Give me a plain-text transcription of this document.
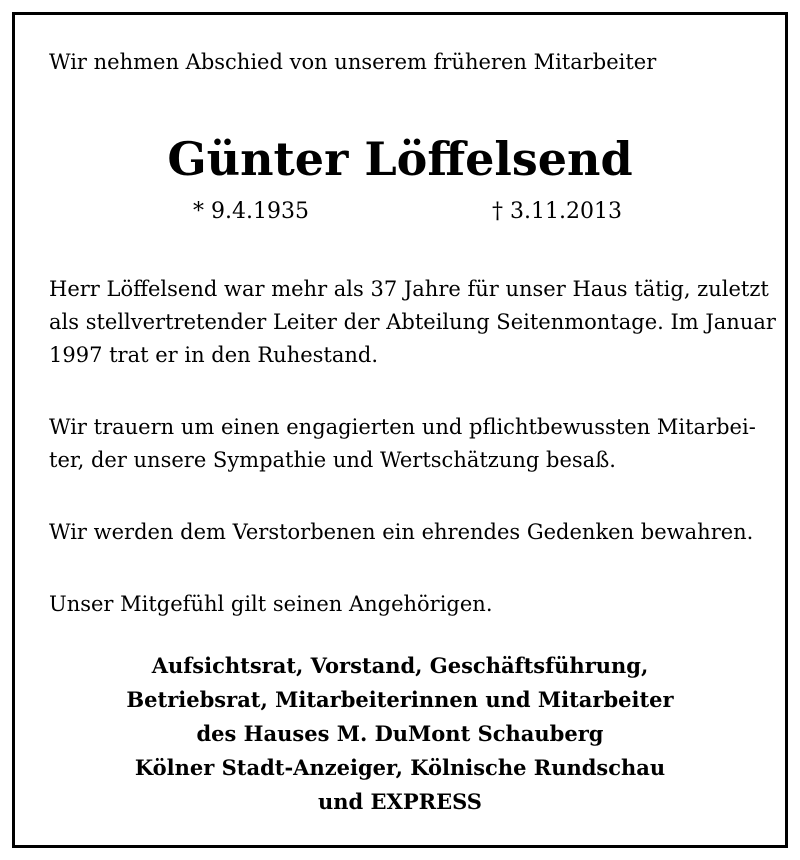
Wir nehmen Abschied von unserem früheren Mitarbeiter
Günter Löffelsend
* 9.4.1935	† 3.11.2013
Herr Löffelsend war mehr als 37 Jahre für unser Haus tätig, zuletzt
als stellvertretender Leiter der Abteilung Seitenmontage. Im Januar
1997 trat er in den Ruhestand.
Wir trauern um einen engagierten und pflichtbewussten Mitarbei-
ter, der unsere Sympathie und Wertschätzung besaß.
Wir werden dem Verstorbenen ein ehrendes Gedenken bewahren.
Unser Mitgefühl gilt seinen Angehörigen.
Aufsichtsrat, Vorstand, Geschäftsführung,
Betriebsrat, Mitarbeiterinnen und Mitarbeiter
des Hauses M. DuMont Schauberg
Kölner Stadt-Anzeiger, Kölnische Rundschau
und EXPRESS
